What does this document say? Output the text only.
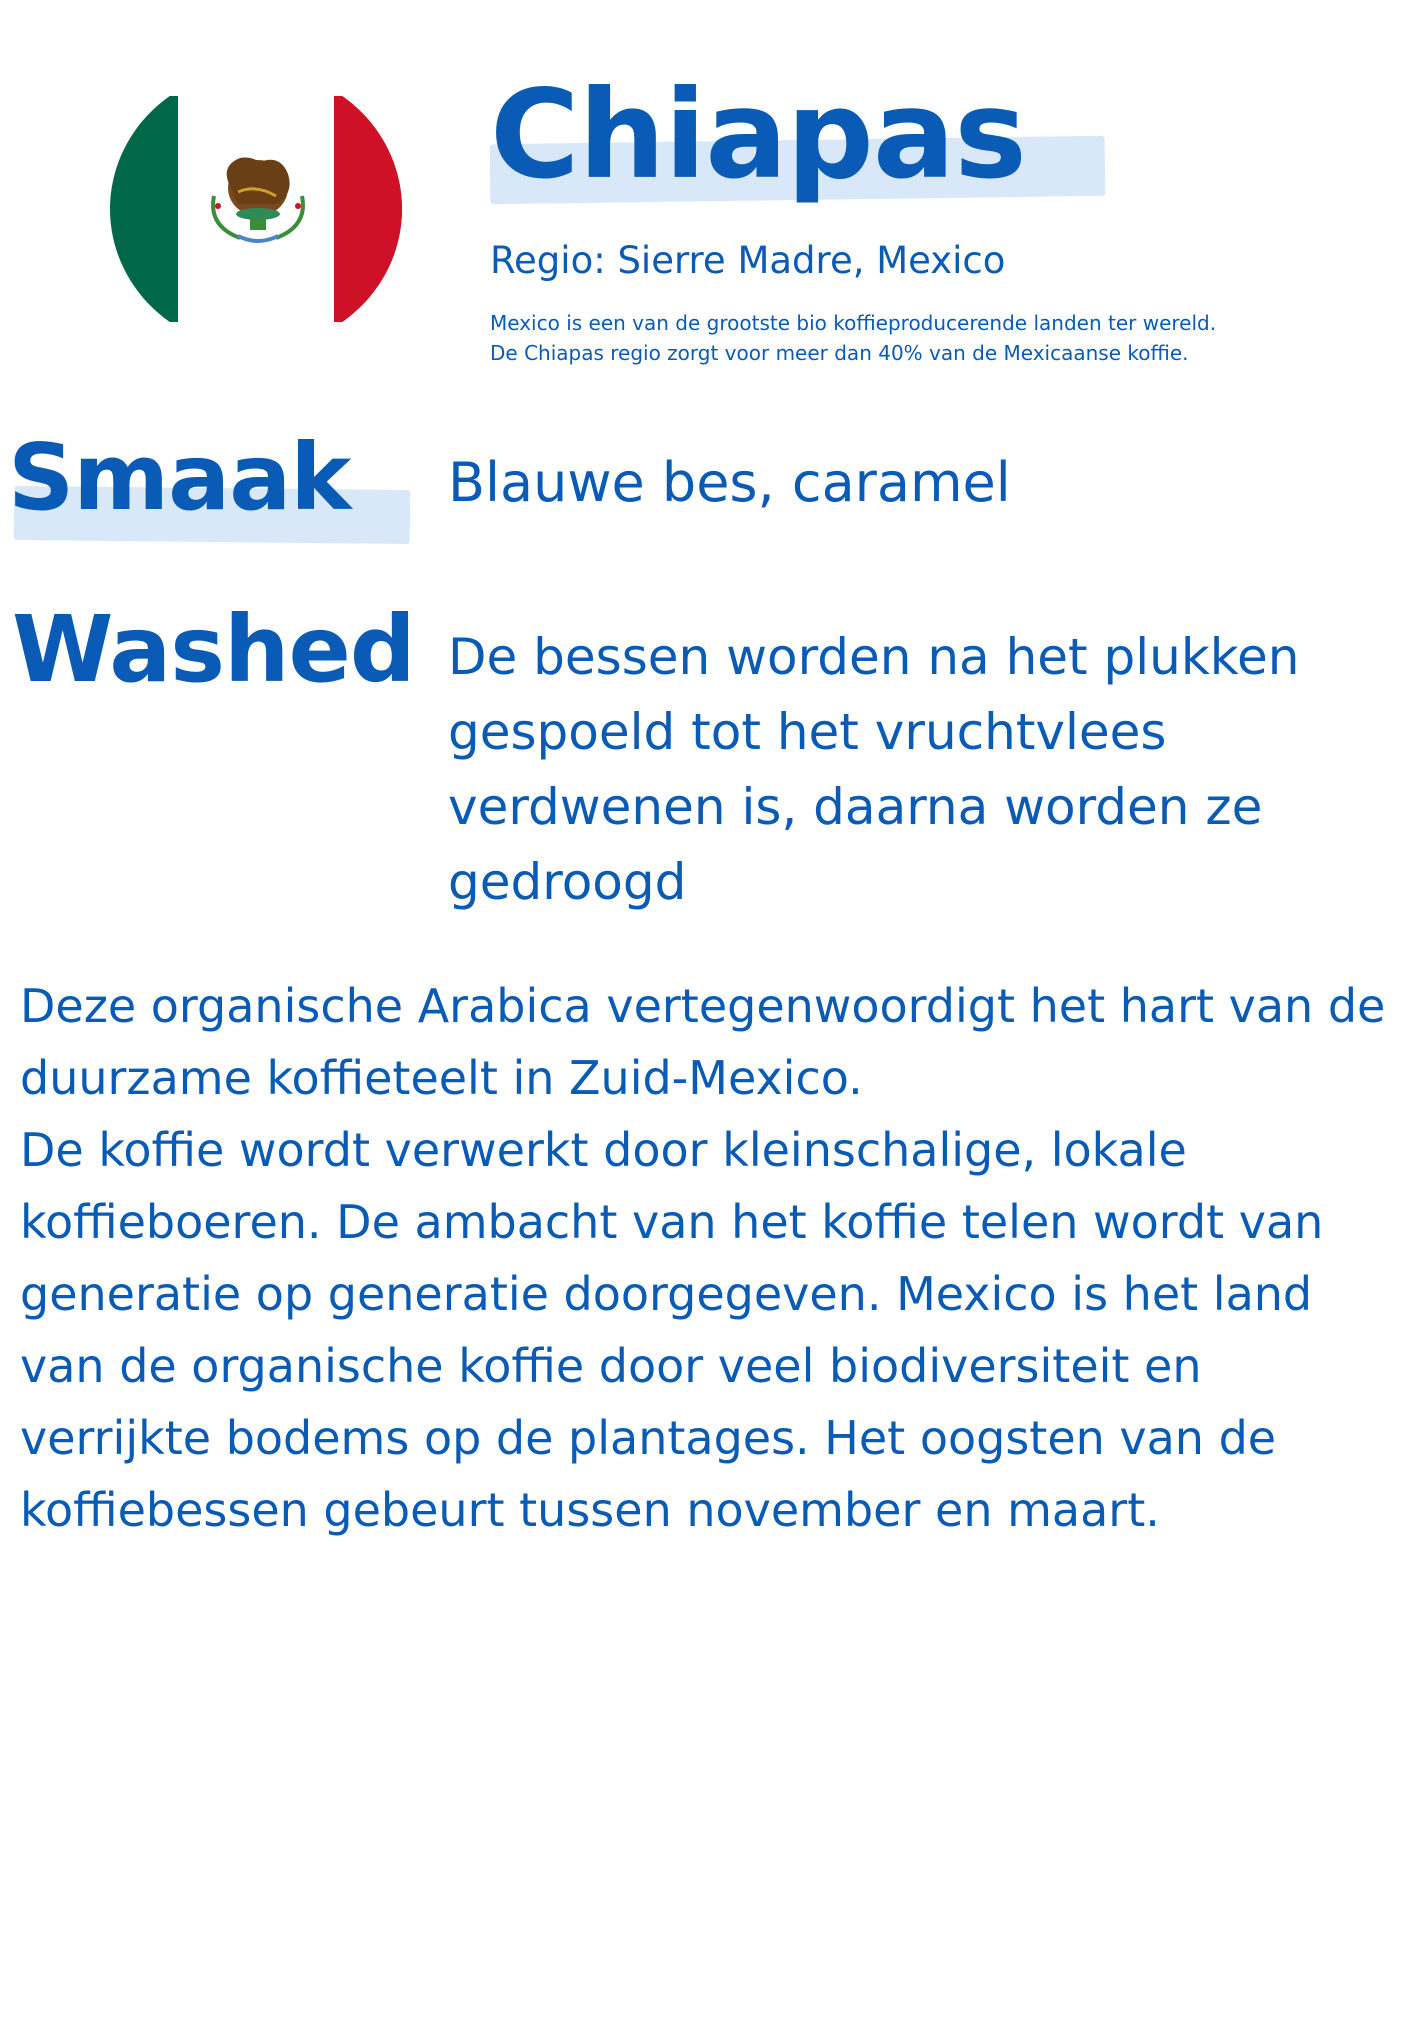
Chiapas
Regio: Sierre Madre, Mexico
Mexico is een van de grootste bio koffieproducerende landen ter wereld. De Chiapas regio zorgt voor meer dan 40% van de Mexicaanse koffie.
Smaak Blauwe bes, caramel
Washed De bessen worden na het plukken gespoeld tot het vruchtvlees verdwenen is, daarna worden ze gedroogd

Deze organische Arabica vertegenwoordigt het hart van de duurzame koffieteelt in Zuid-Mexico.

De koffie wordt verwerkt door kleinschalige, lokale koffieboeren. De ambacht van het koffie telen wordt van generatie op generatie doorgegeven. Mexico is het land van de organische koffie door veel biodiversiteit en verrijkte bodems op de plantages. Het oogsten van de koffiebessen gebeurt tussen november en maart.
